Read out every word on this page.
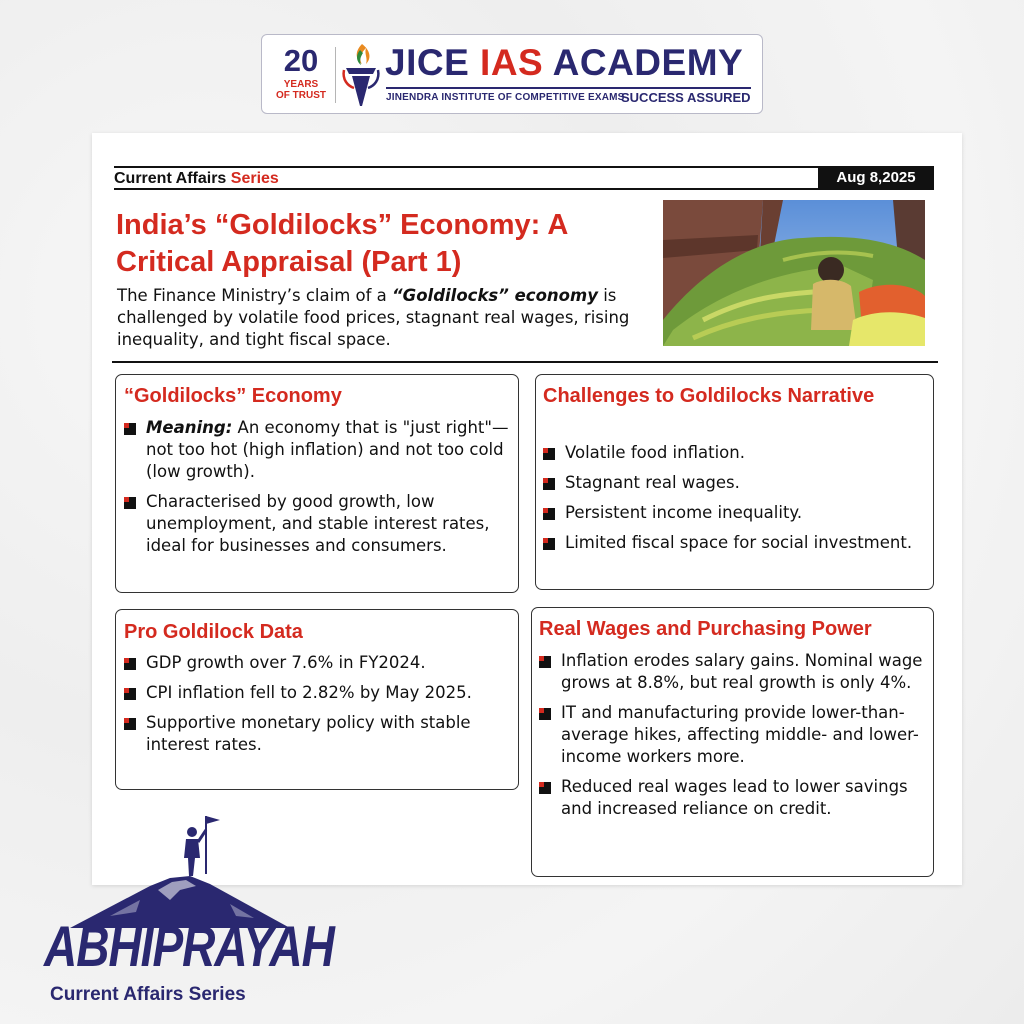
20
YEARS
OF TRUST
JICE IAS ACADEMY
JINENDRA INSTITUTE OF COMPETITIVE EXAMS
SUCCESS ASSURED
Current Affairs Series	Aug 8,2025
India’s “Goldilocks” Economy: A Critical Appraisal (Part 1)

The Finance Ministry’s claim of a “Goldilocks” economy is challenged by volatile food prices, stagnant real wages, rising inequality, and tight fiscal space.

“Goldilocks” Economy
Meaning: An economy that is "just right"—not too hot (high inflation) and not too cold (low growth).
Characterised by good growth, low unemployment, and stable interest rates, ideal for businesses and consumers.
Challenges to Goldilocks Narrative
Volatile food inflation.
Stagnant real wages.
Persistent income inequality.
Limited fiscal space for social investment.
Pro Goldilock Data
GDP growth over 7.6% in FY2024.
CPI inflation fell to 2.82% by May 2025.
Supportive monetary policy with stable interest rates.
Real Wages and Purchasing Power
Inflation erodes salary gains. Nominal wage grows at 8.8%, but real growth is only 4%.
IT and manufacturing provide lower-than-average hikes, affecting middle- and lower-income workers more.
Reduced real wages lead to lower savings and increased reliance on credit.
ABHIPRAYAH
Current Affairs Series
